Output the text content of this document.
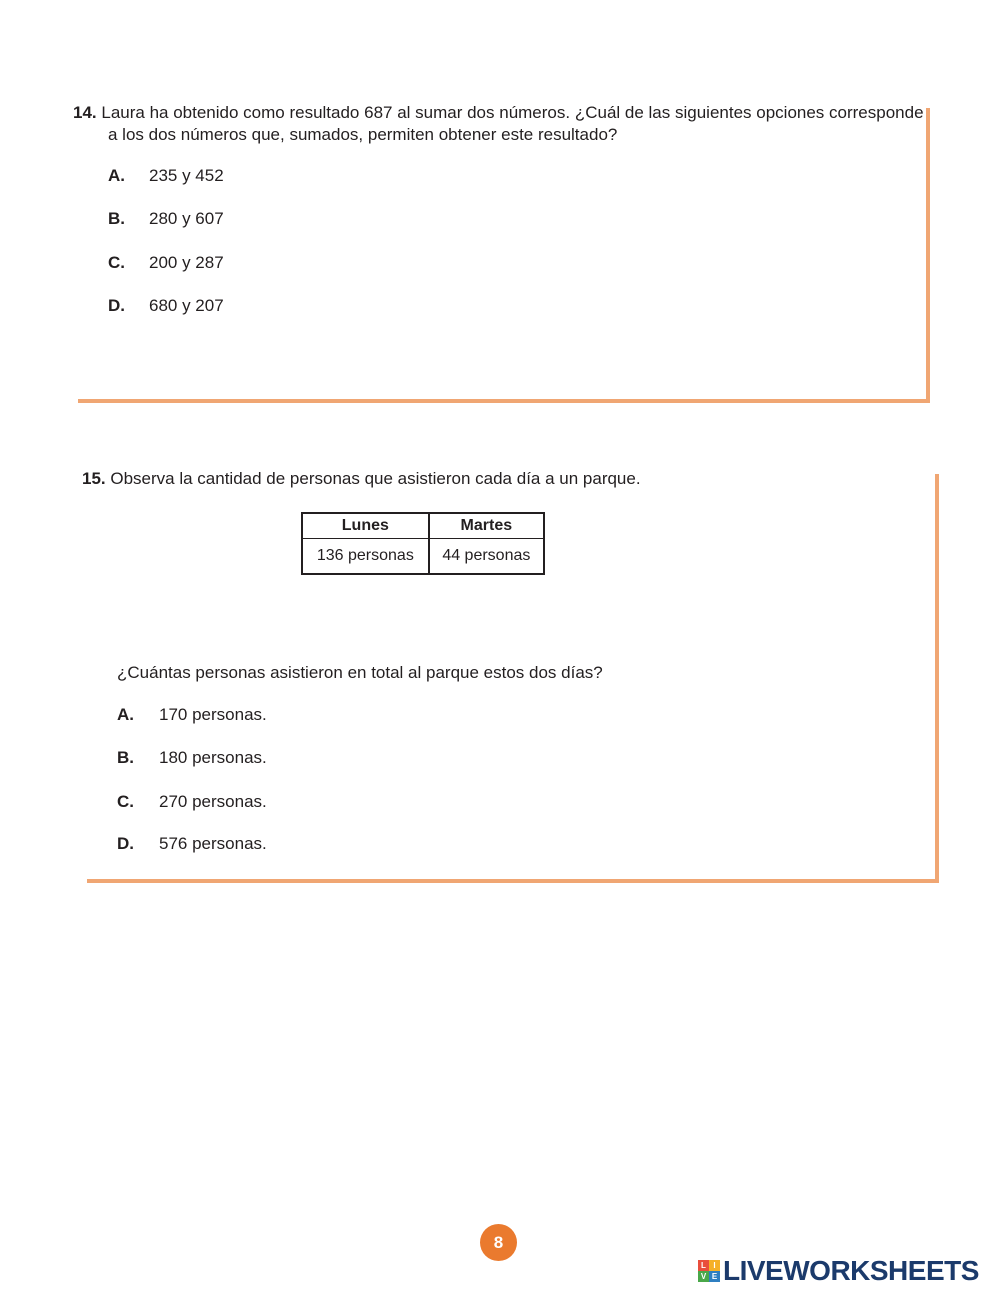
14. Laura ha obtenido como resultado 687 al sumar dos números. ¿Cuál de las siguientes opciones corresponde
a los dos números que, sumados, permiten obtener este resultado?
A. 235 y 452
B. 280 y 607
C. 200 y 287
D. 680 y 207
15. Observa la cantidad de personas que asistieron cada día a un parque.
Lunes	Martes
136 personas	44 personas
¿Cuántas personas asistieron en total al parque estos dos días?
A. 170 personas.
B. 180 personas.
C. 270 personas.
D. 576 personas.
8
L I
V E LIVEWORKSHEETS
